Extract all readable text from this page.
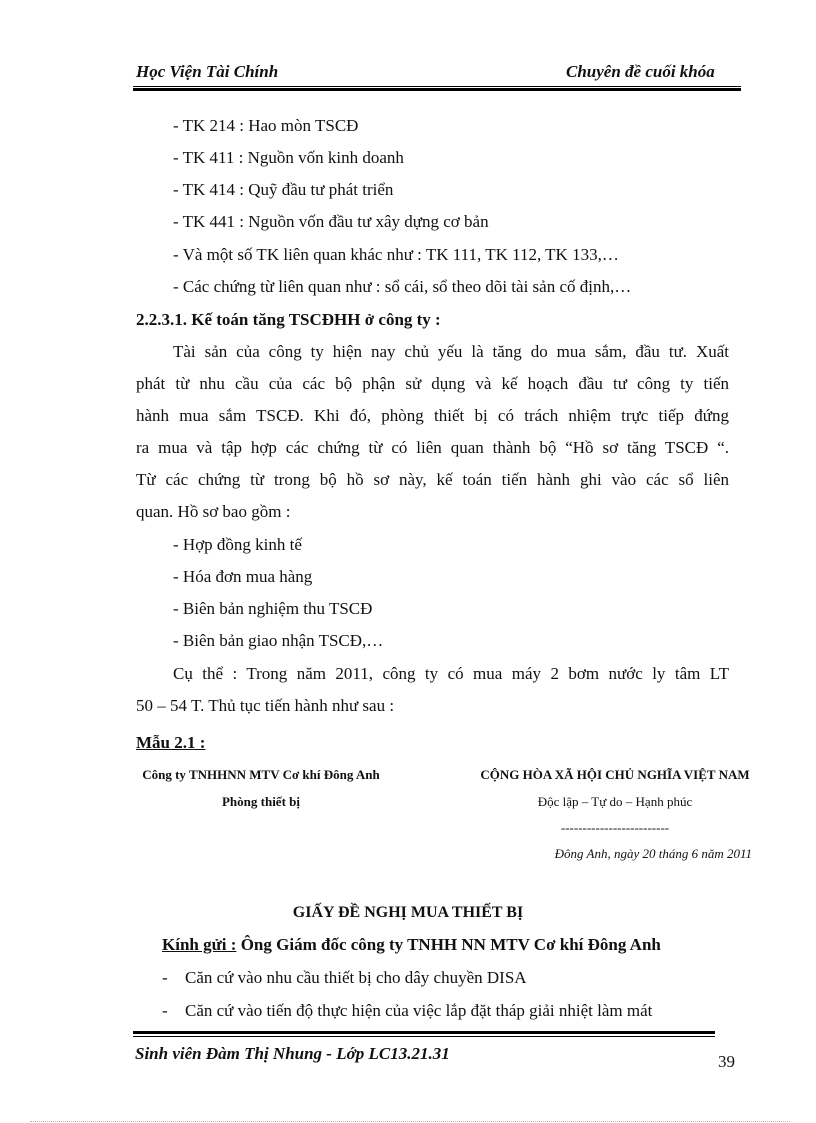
Học Viện Tài Chính	Chuyên đề cuối khóa
- TK 214 : Hao mòn TSCĐ
- TK 411 : Nguồn vốn kinh doanh
- TK 414 : Quỹ đầu tư phát triển
- TK 441 : Nguồn vốn đầu tư xây dựng cơ bản
- Và một số TK liên quan khác như : TK 111, TK 112, TK 133,…
- Các chứng từ liên quan như : sổ cái, sổ theo dõi tài sản cố định,…
2.2.3.1. Kế toán tăng TSCĐHH ở công ty :
Tài sản của công ty hiện nay chủ yếu là tăng do mua sắm, đầu tư. Xuất
phát từ nhu cầu của các bộ phận sử dụng và kế hoạch đầu tư công ty tiến
hành mua sắm TSCĐ. Khi đó, phòng thiết bị có trách nhiệm trực tiếp đứng
ra mua và tập hợp các chứng từ có liên quan thành bộ “Hồ sơ tăng TSCĐ “.
Từ các chứng từ trong bộ hồ sơ này, kế toán tiến hành ghi vào các sổ liên
quan. Hồ sơ bao gồm :
- Hợp đồng kinh tế
- Hóa đơn mua hàng
- Biên bản nghiệm thu TSCĐ
- Biên bản giao nhận TSCĐ,…
Cụ thể : Trong năm 2011, công ty có mua máy 2 bơm nước ly tâm LT
50 – 54 T. Thủ tục tiến hành như sau :
Mẫu 2.1 :
Công ty TNHHNN MTV Cơ khí Đông Anh
Phòng thiết bị
CỘNG HÒA XÃ HỘI CHỦ NGHĨA VIỆT NAM
Độc lập – Tự do – Hạnh phúc
-------------------------
Đông Anh, ngày 20 tháng 6 năm 2011
GIẤY ĐỀ NGHỊ MUA THIẾT BỊ
Kính gửi : Ông Giám đốc công ty TNHH NN MTV Cơ khí Đông Anh
- Căn cứ vào nhu cầu thiết bị cho dây chuyền DISA
- Căn cứ vào tiến độ thực hiện của việc lắp đặt tháp giải nhiệt làm mát
Sinh viên Đàm Thị Nhung - Lớp LC13.21.31	39
